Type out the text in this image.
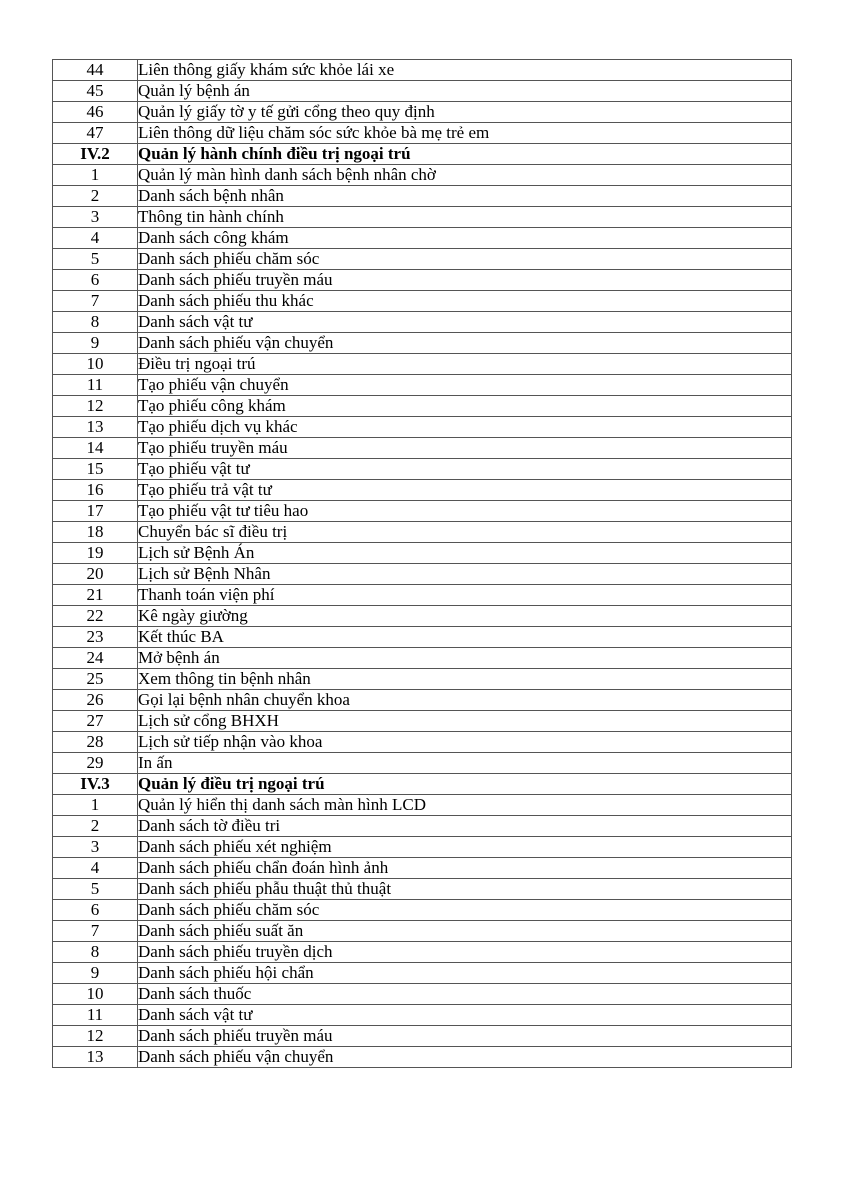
44	Liên thông giấy khám sức khỏe lái xe
45	Quản lý bệnh án
46	Quản lý giấy tờ y tế gửi cổng theo quy định
47	Liên thông dữ liệu chăm sóc sức khỏe bà mẹ trẻ em
IV.2	Quản lý hành chính điều trị ngoại trú
1	Quản lý màn hình danh sách bệnh nhân chờ
2	Danh sách bệnh nhân
3	Thông tin hành chính
4	Danh sách công khám
5	Danh sách phiếu chăm sóc
6	Danh sách phiếu truyền máu
7	Danh sách phiếu thu khác
8	Danh sách vật tư
9	Danh sách phiếu vận chuyển
10	Điều trị ngoại trú
11	Tạo phiếu vận chuyển
12	Tạo phiếu công khám
13	Tạo phiếu dịch vụ khác
14	Tạo phiếu truyền máu
15	Tạo phiếu vật tư
16	Tạo phiếu trả vật tư
17	Tạo phiếu vật tư tiêu hao
18	Chuyển bác sĩ điều trị
19	Lịch sử Bệnh Án
20	Lịch sử Bệnh Nhân
21	Thanh toán viện phí
22	Kê ngày giường
23	Kết thúc BA
24	Mở bệnh án
25	Xem thông tin bệnh nhân
26	Gọi lại bệnh nhân chuyển khoa
27	Lịch sử cổng BHXH
28	Lịch sử tiếp nhận vào khoa
29	In ấn
IV.3	Quản lý điều trị ngoại trú
1	Quản lý hiển thị danh sách màn hình LCD
2	Danh sách tờ điều tri
3	Danh sách phiếu xét nghiệm
4	Danh sách phiếu chẩn đoán hình ảnh
5	Danh sách phiếu phẫu thuật thủ thuật
6	Danh sách phiếu chăm sóc
7	Danh sách phiếu suất ăn
8	Danh sách phiếu truyền dịch
9	Danh sách phiếu hội chẩn
10	Danh sách thuốc
11	Danh sách vật tư
12	Danh sách phiếu truyền máu
13	Danh sách phiếu vận chuyển
